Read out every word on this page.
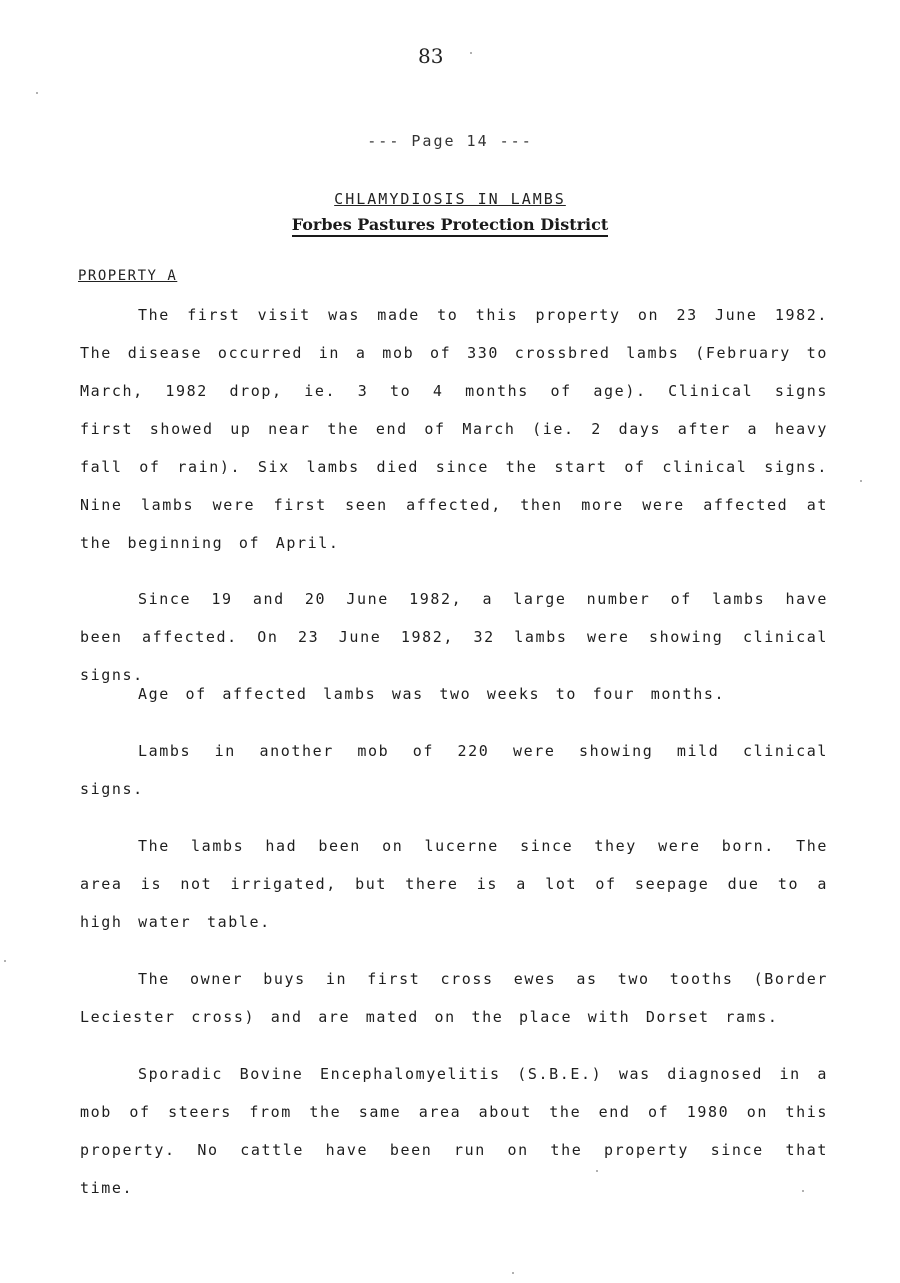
83
--- Page 14 ---
CHLAMYDIOSIS IN LAMBS
Forbes Pastures Protection District
PROPERTY A
The first visit was made to this property on 23 June 1982. The disease occurred in a mob of 330 crossbred lambs (February to March, 1982 drop, ie. 3 to 4 months of age). Clinical signs first showed up near the end of March (ie. 2 days after a heavy fall of rain). Six lambs died since the start of clinical signs. Nine lambs were first seen affected, then more were affected at the beginning of April.
Since 19 and 20 June 1982, a large number of lambs have been affected. On 23 June 1982, 32 lambs were showing clinical signs.
Age of affected lambs was two weeks to four months.
Lambs in another mob of 220 were showing mild clinical signs.
The lambs had been on lucerne since they were born. The area is not irrigated, but there is a lot of seepage due to a high water table.
The owner buys in first cross ewes as two tooths (Border Leciester cross) and are mated on the place with Dorset rams.
Sporadic Bovine Encephalomyelitis (S.B.E.) was diagnosed in a mob of steers from the same area about the end of 1980 on this property. No cattle have been run on the property since that time.
